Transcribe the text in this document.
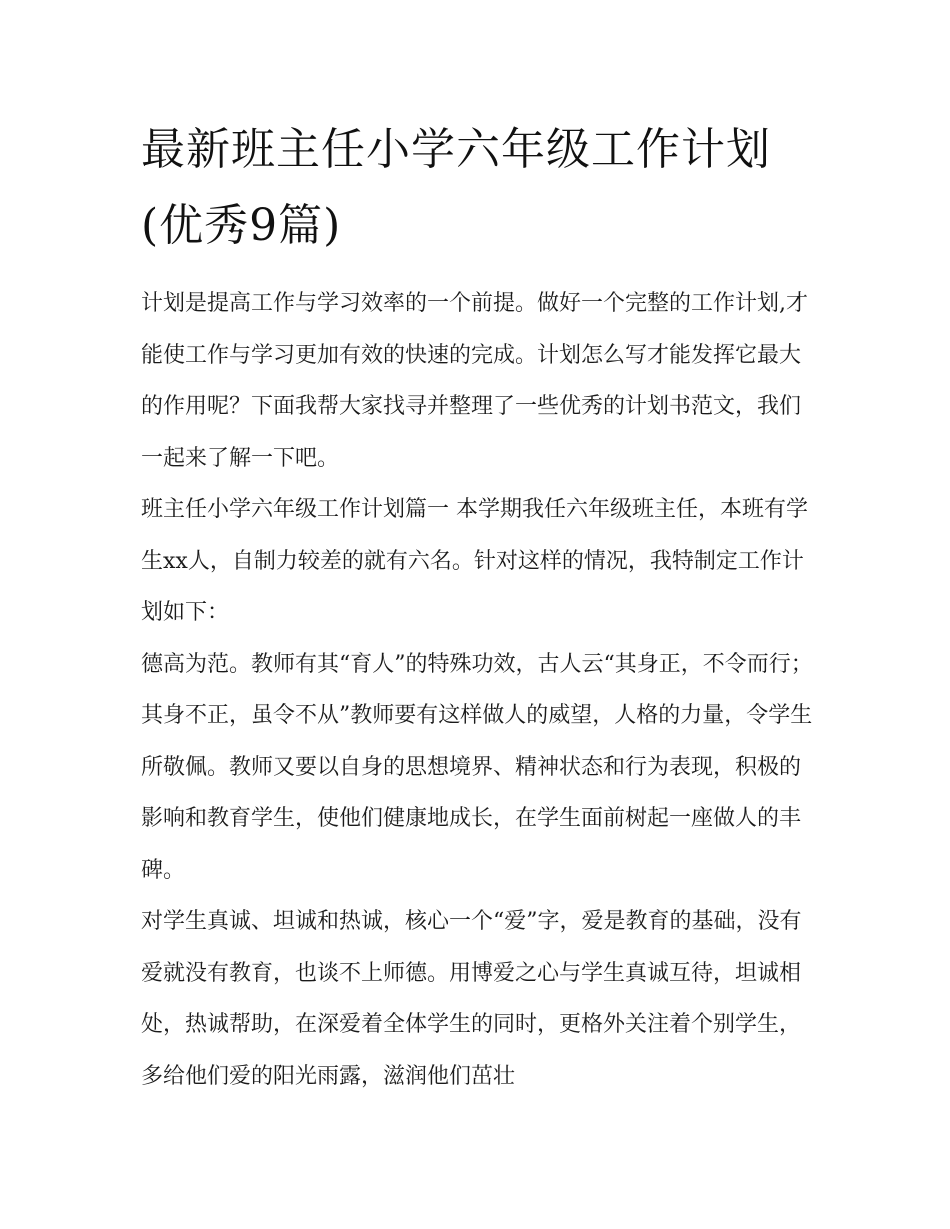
最新班主任小学六年级工作计划(优秀9篇)

计划是提高工作与学习效率的一个前提。做好一个完整的工作计划,才能使工作与学习更加有效的快速的完成。计划怎么写才能发挥它最大的作用呢？下面我帮大家找寻并整理了一些优秀的计划书范文，我们一起来了解一下吧。

班主任小学六年级工作计划篇一 本学期我任六年级班主任，本班有学生xx人，自制力较差的就有六名。针对这样的情况，我特制定工作计划如下：

德高为范。教师有其“育人”的特殊功效，古人云“其身正，不令而行；其身不正，虽令不从”教师要有这样做人的威望，人格的力量，令学生所敬佩。教师又要以自身的思想境界、精神状态和行为表现，积极的影响和教育学生，使他们健康地成长，在学生面前树起一座做人的丰碑。

对学生真诚、坦诚和热诚，核心一个“爱”字，爱是教育的基础，没有爱就没有教育，也谈不上师德。用博爱之心与学生真诚互待，坦诚相处，热诚帮助，在深爱着全体学生的同时，更格外关注着个别学生，多给他们爱的阳光雨露，滋润他们茁壮
